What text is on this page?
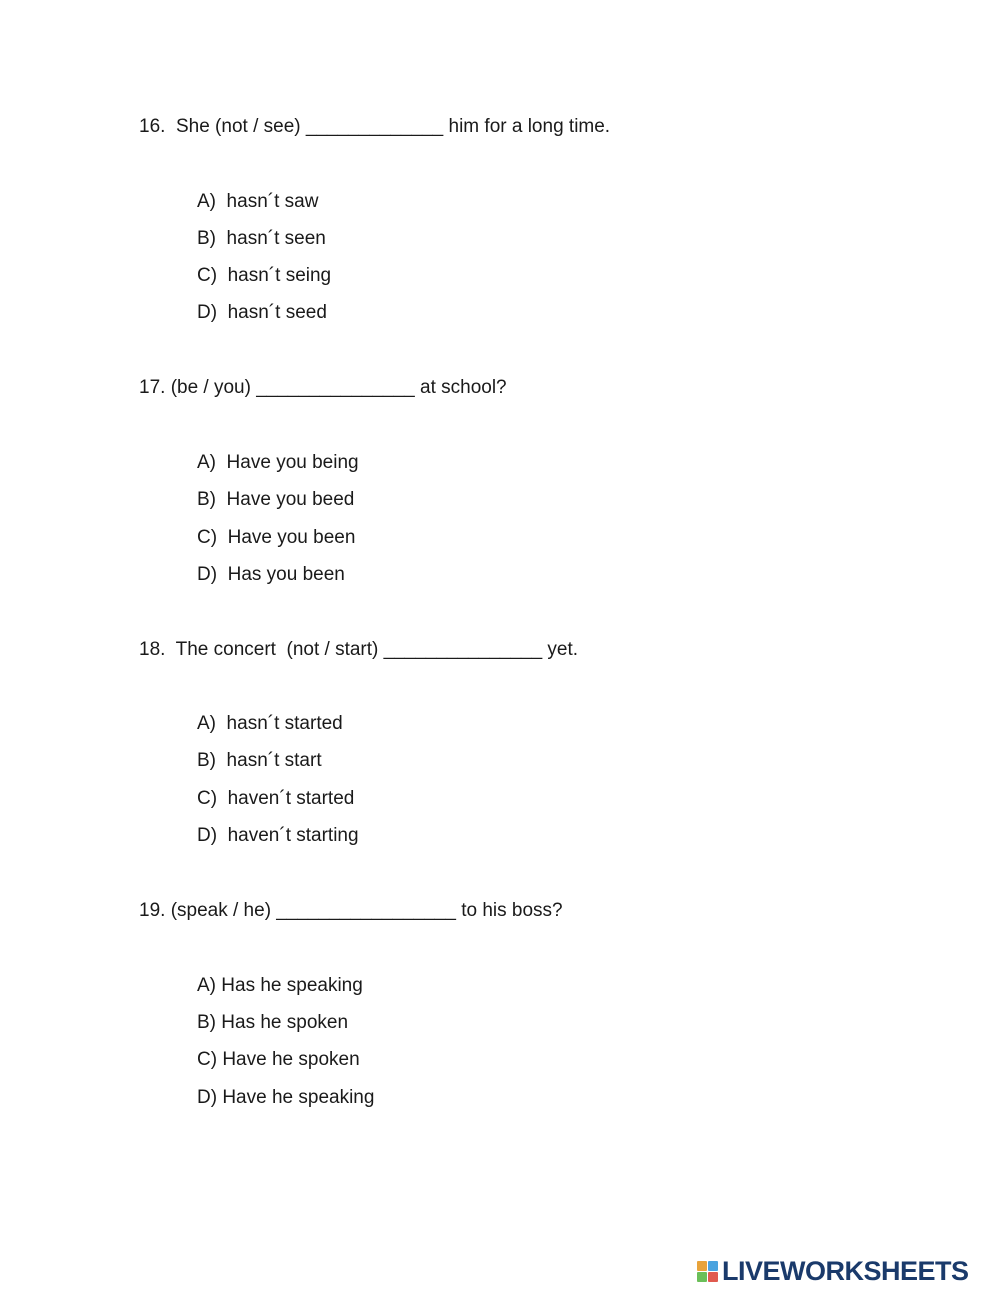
16.  She (not / see) _____________ him for a long time.
A)  hasn´t saw
B)  hasn´t seen
C)  hasn´t seing
D)  hasn´t seed
17. (be / you) _______________ at school?
A)  Have you being
B)  Have you beed
C)  Have you been
D)  Has you been
18.  The concert  (not / start) _______________ yet.
A)  hasn´t started
B)  hasn´t start
C)  haven´t started
D)  haven´t starting
19. (speak / he) _________________ to his boss?
A) Has he speaking
B) Has he spoken
C) Have he spoken
D) Have he speaking
LIVEWORKSHEETS
